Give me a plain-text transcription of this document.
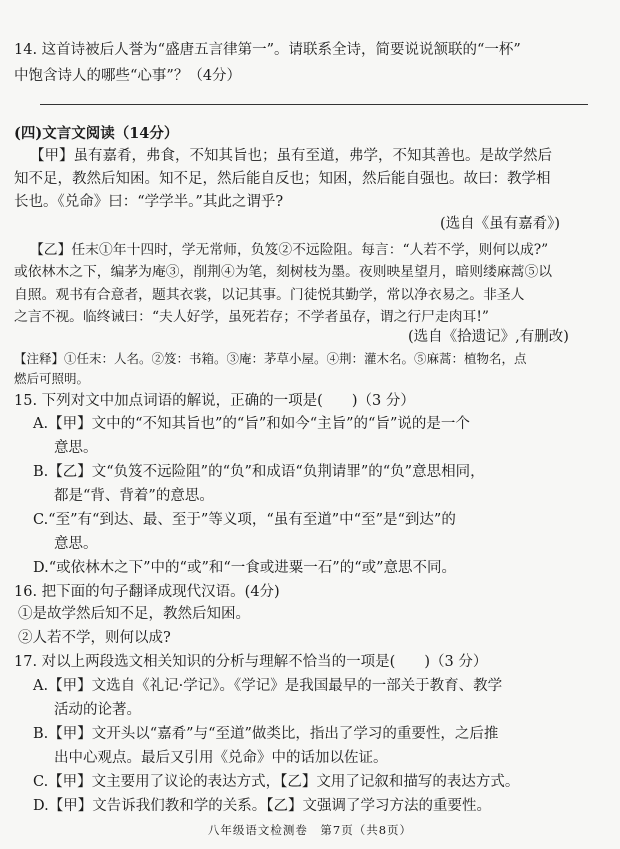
14. 这首诗被后人誉为“盛唐五言律第一”。请联系全诗，简要说说颔联的“一杯”
中饱含诗人的哪些“心事”？（4分）
(四)文言文阅读（14分）
【甲】虽有嘉肴，弗食，不知其旨也；虽有至道，弗学，不知其善也。是故学然后
知不足，教然后知困。知不足，然后能自反也；知困，然后能自强也。故曰：教学相
长也。《兑命》曰：“学学半。”其此之谓乎?
(选自《虽有嘉肴》)
【乙】任末①年十四时，学无常师，负笈②不远险阻。每言：“人若不学，则何以成?”
或依林木之下，编茅为庵③，削荆④为笔，刻树枝为墨。夜则映星望月，暗则缕麻蒿⑤以
自照。观书有合意者，题其衣裳，以记其事。门徒悦其勤学，常以净衣易之。非圣人
之言不视。临终诫曰：“夫人好学，虽死若存；不学者虽存，谓之行尸走肉耳!”
(选自《拾遗记》,有删改)
【注释】①任末：人名。②笈：书箱。③庵：茅草小屋。④荆：灌木名。⑤麻蒿：植物名，点
燃后可照明。
15. 下列对文中加点词语的解说，正确的一项是(　　)（3 分）
A.【甲】文中的“不知其旨也”的“旨”和如今“主旨”的“旨”说的是一个
意思。
B.【乙】文“负笈不远险阻”的“负”和成语“负荆请罪”的“负”意思相同，
都是“背、背着”的意思。
C.“至”有“到达、最、至于”等义项，“虽有至道”中“至”是“到达”的
意思。
D.“或依林木之下”中的“或”和“一食或进粟一石”的“或”意思不同。
16. 把下面的句子翻译成现代汉语。(4分)
①是故学然后知不足，教然后知困。
②人若不学，则何以成?
17. 对以上两段选文相关知识的分析与理解不恰当的一项是(　　)（3 分）
A.【甲】文选自《礼记·学记》。《学记》是我国最早的一部关于教育、教学
活动的论著。
B.【甲】文开头以“嘉肴”与“至道”做类比，指出了学习的重要性，之后推
出中心观点。最后又引用《兑命》中的话加以佐证。
C.【甲】文主要用了议论的表达方式，【乙】文用了记叙和描写的表达方式。
D.【甲】文告诉我们教和学的关系。【乙】文强调了学习方法的重要性。
八年级语文检测卷　第7页（共8页）
